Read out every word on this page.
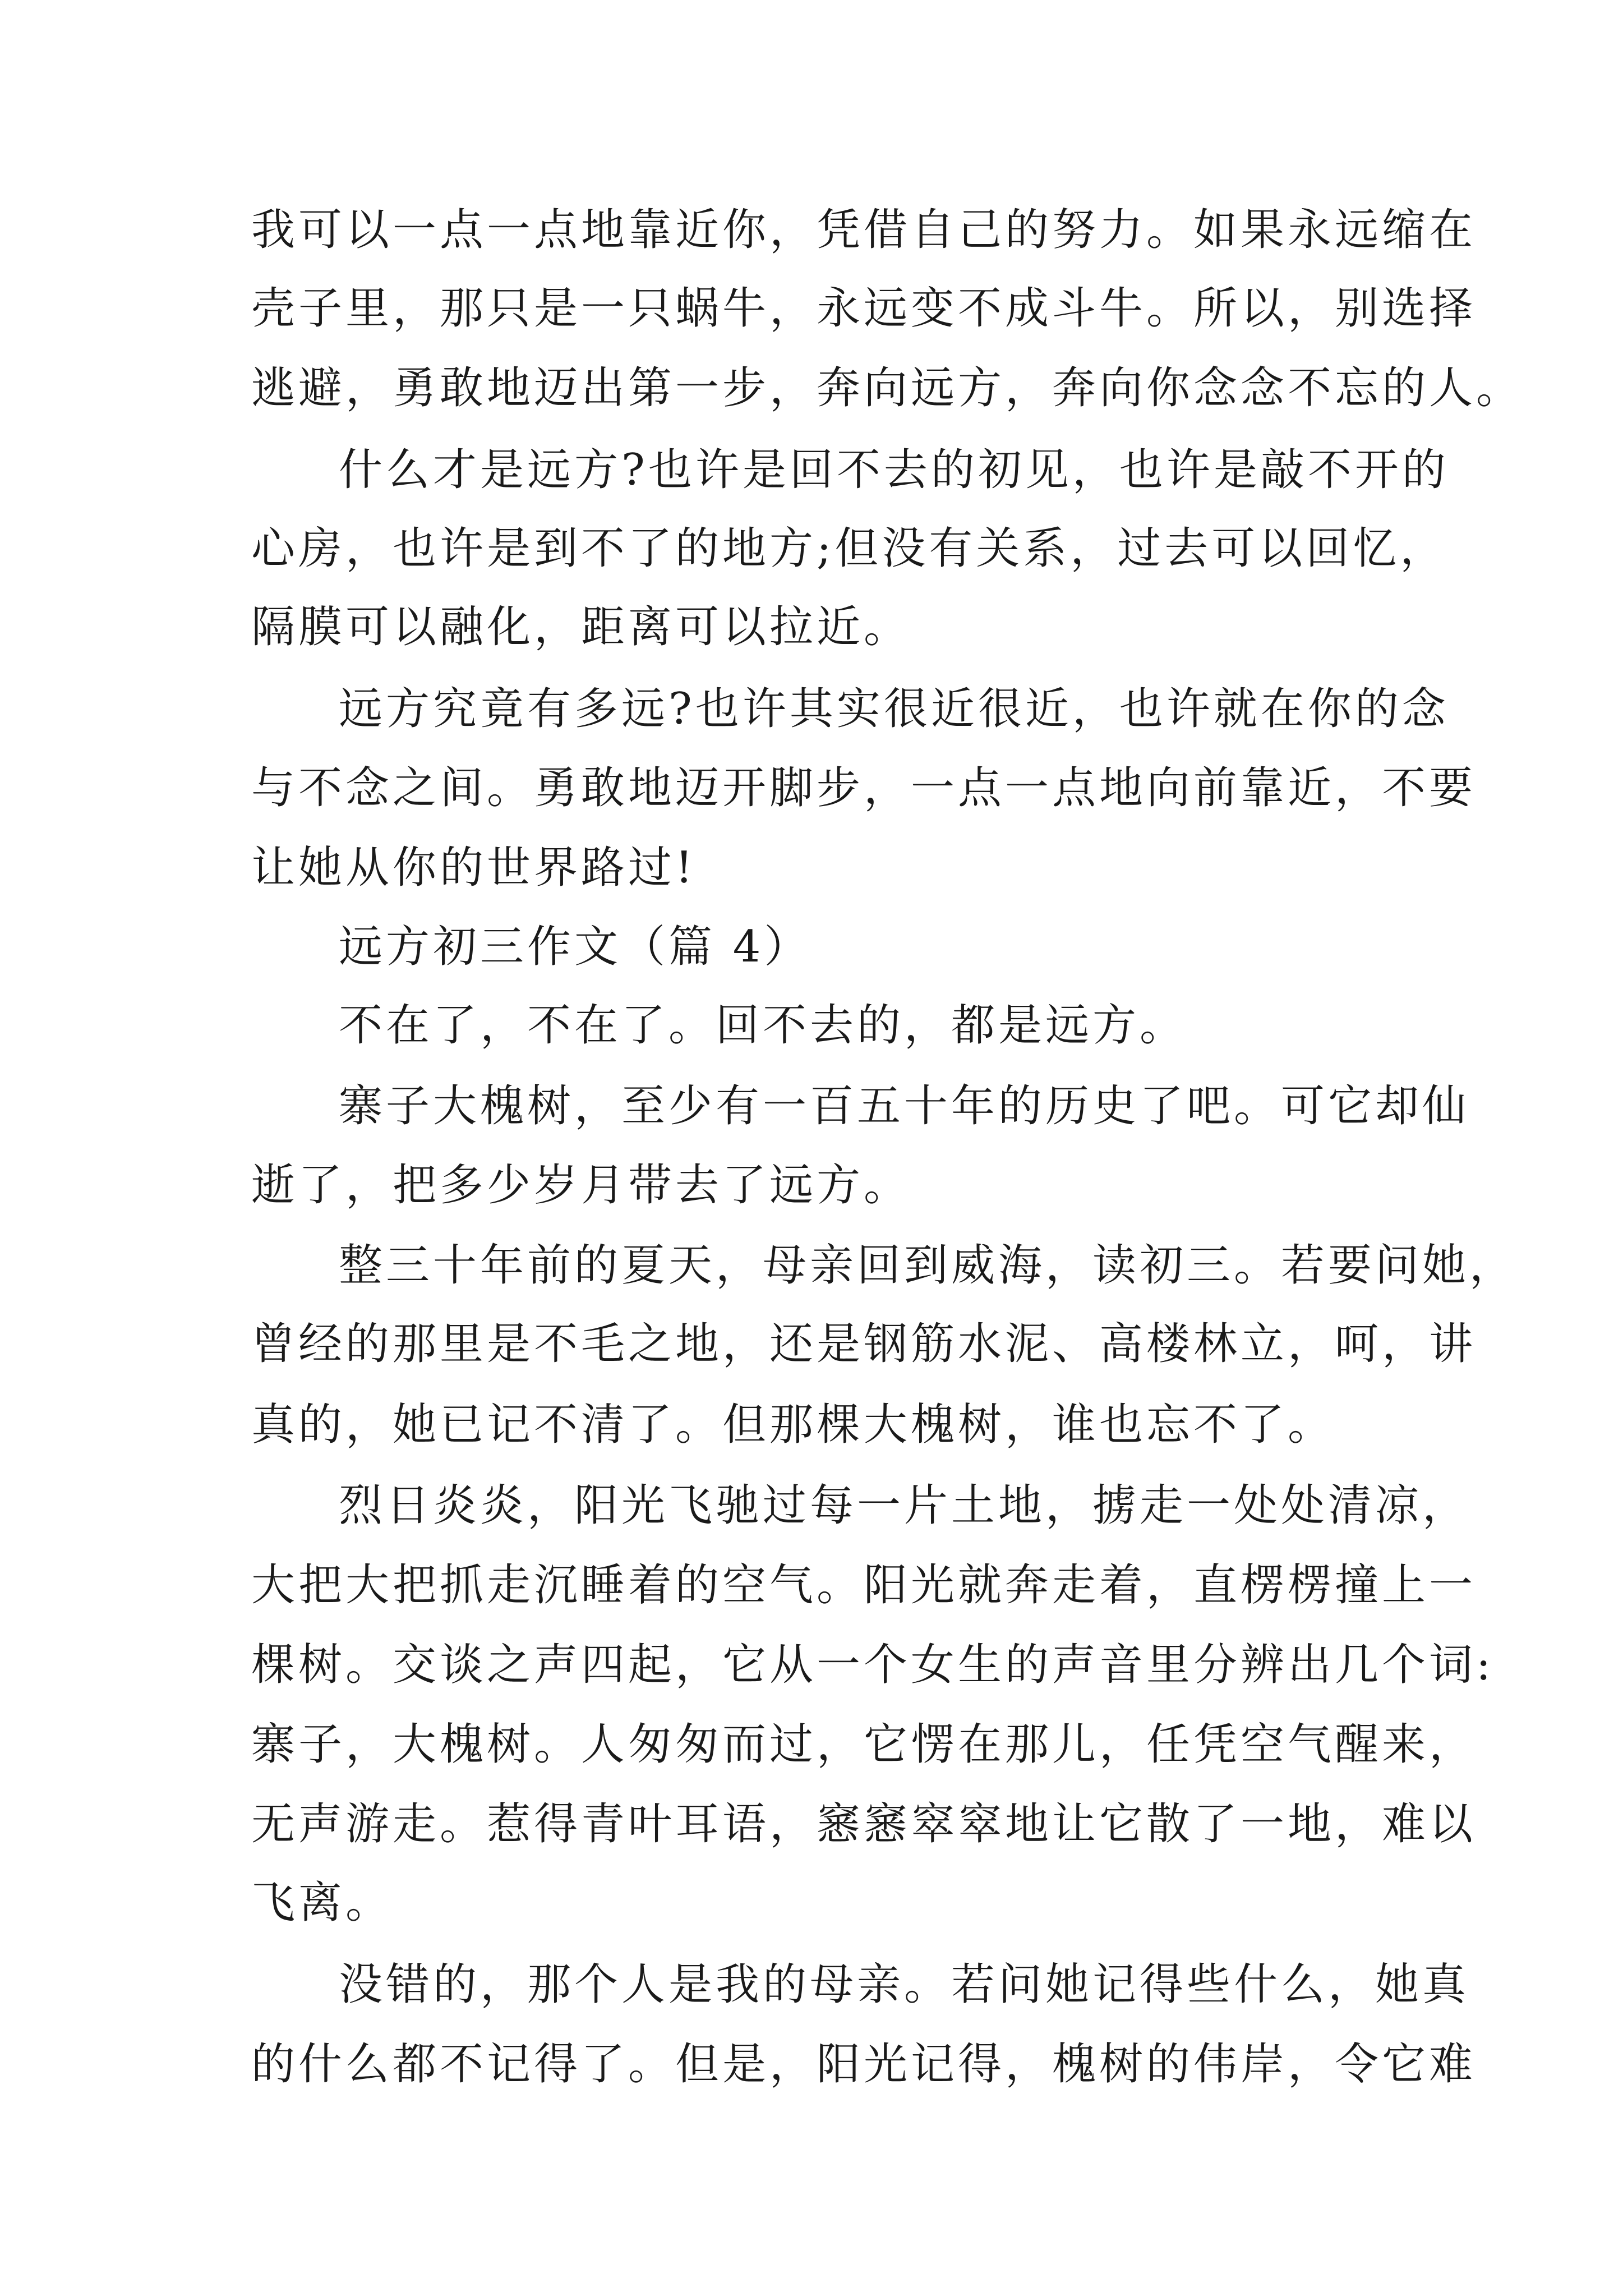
我可以一点一点地靠近你，凭借自己的努力。如果永远缩在
壳子里，那只是一只蜗牛，永远变不成斗牛。所以，别选择
逃避，勇敢地迈出第一步，奔向远方，奔向你念念不忘的人。
什么才是远方?也许是回不去的初见，也许是敲不开的
心房，也许是到不了的地方;但没有关系，过去可以回忆，
隔膜可以融化，距离可以拉近。
远方究竟有多远?也许其实很近很近，也许就在你的念
与不念之间。勇敢地迈开脚步，一点一点地向前靠近，不要
让她从你的世界路过!
远方初三作文（篇 4）
不在了，不在了。回不去的，都是远方。
寨子大槐树，至少有一百五十年的历史了吧。可它却仙
逝了，把多少岁月带去了远方。
整三十年前的夏天，母亲回到威海，读初三。若要问她，
曾经的那里是不毛之地，还是钢筋水泥、高楼林立，呵，讲
真的，她已记不清了。但那棵大槐树，谁也忘不了。
烈日炎炎，阳光飞驰过每一片土地，掳走一处处清凉，
大把大把抓走沉睡着的空气。阳光就奔走着，直楞楞撞上一
棵树。交谈之声四起，它从一个女生的声音里分辨出几个词:
寨子，大槐树。人匆匆而过，它愣在那儿，任凭空气醒来，
无声游走。惹得青叶耳语，窸窸窣窣地让它散了一地，难以
飞离。
没错的，那个人是我的母亲。若问她记得些什么，她真
的什么都不记得了。但是，阳光记得，槐树的伟岸，令它难
